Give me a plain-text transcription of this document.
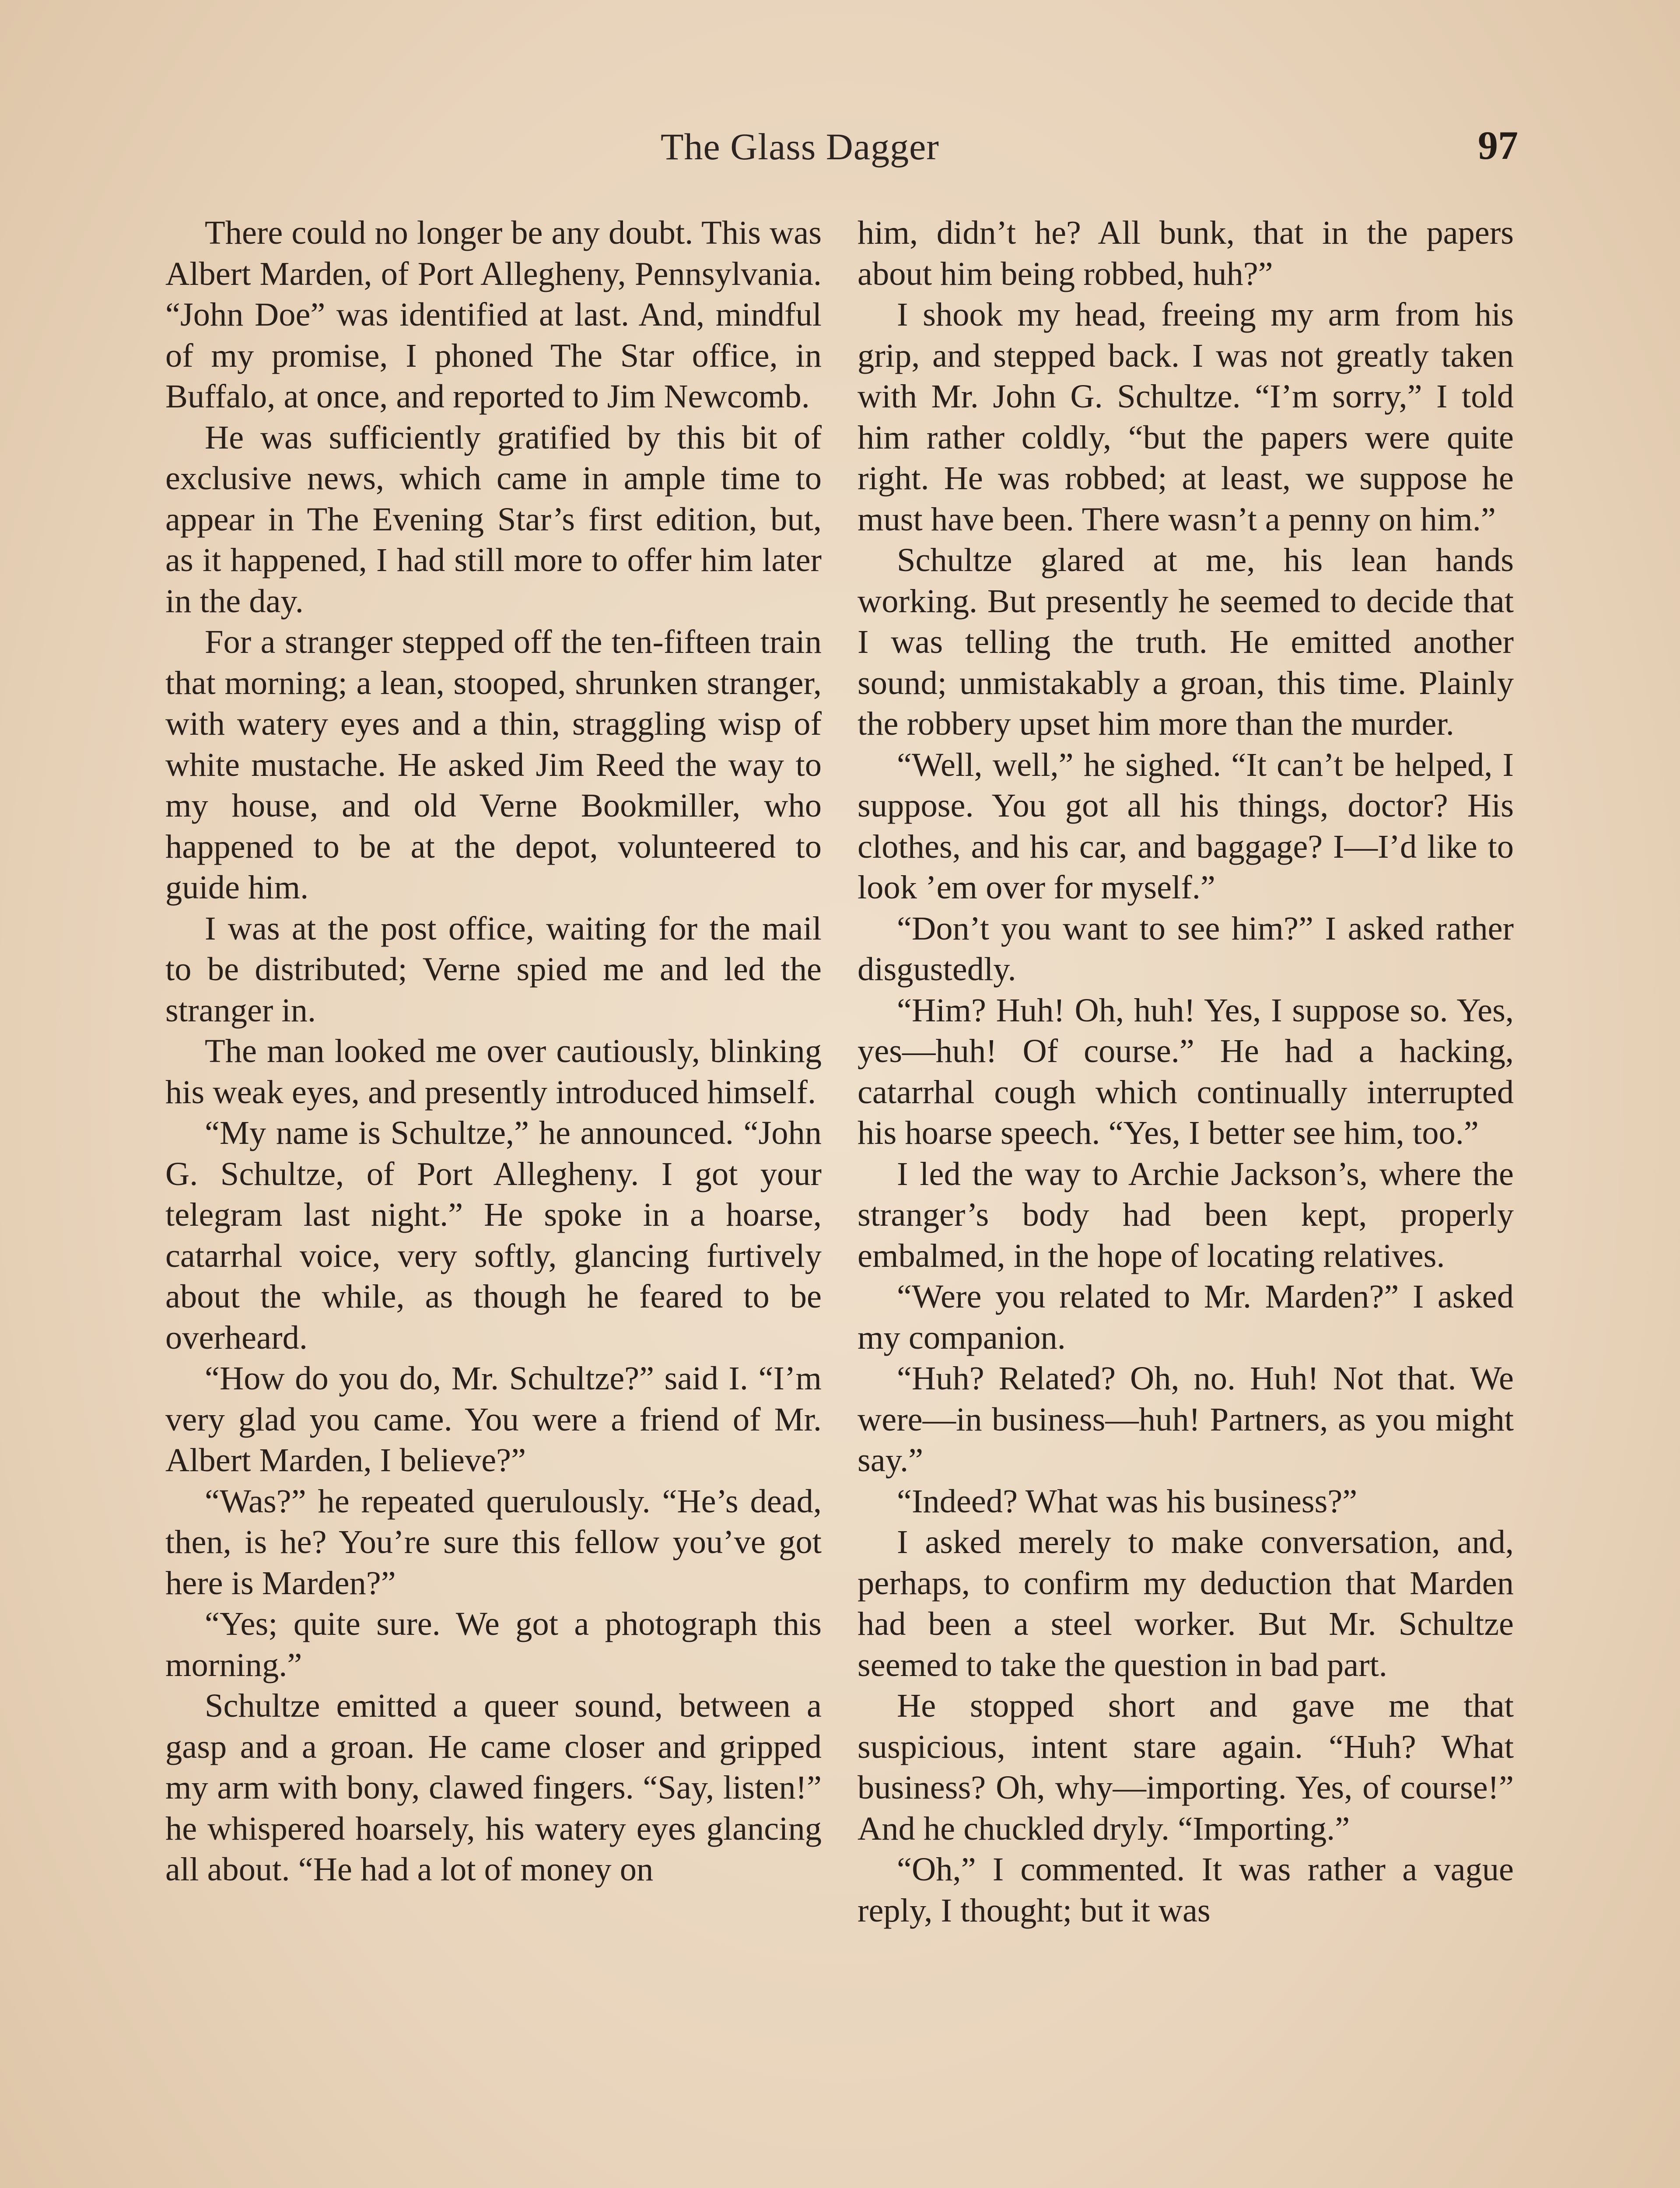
The Glass Dagger	97

There could no longer be any doubt. This was Albert Marden, of Port Allegheny, Pennsylvania. “John Doe” was identified at last. And, mindful of my promise, I phoned The Star office, in Buffalo, at once, and reported to Jim Newcomb.

He was sufficiently gratified by this bit of exclusive news, which came in ample time to appear in The Evening Star’s first edition, but, as it happened, I had still more to offer him later in the day.

For a stranger stepped off the ten-fifteen train that morning; a lean, stooped, shrunken stranger, with watery eyes and a thin, straggling wisp of white mustache. He asked Jim Reed the way to my house, and old Verne Bookmiller, who happened to be at the depot, volunteered to guide him.

I was at the post office, waiting for the mail to be distributed; Verne spied me and led the stranger in.

The man looked me over cautiously, blinking his weak eyes, and presently introduced himself.

“My name is Schultze,” he announced. “John G. Schultze, of Port Allegheny. I got your telegram last night.” He spoke in a hoarse, catarrhal voice, very softly, glancing furtively about the while, as though he feared to be overheard.

“How do you do, Mr. Schultze?” said I. “I’m very glad you came. You were a friend of Mr. Albert Marden, I believe?”

“Was?” he repeated querulously. “He’s dead, then, is he? You’re sure this fellow you’ve got here is Marden?”

“Yes; quite sure. We got a photograph this morning.”

Schultze emitted a queer sound, between a gasp and a groan. He came closer and gripped my arm with bony, clawed fingers. “Say, listen!” he whispered hoarsely, his watery eyes glancing all about. “He had a lot of money on

him, didn’t he? All bunk, that in the papers about him being robbed, huh?”

I shook my head, freeing my arm from his grip, and stepped back. I was not greatly taken with Mr. John G. Schultze. “I’m sorry,” I told him rather coldly, “but the papers were quite right. He was robbed; at least, we suppose he must have been. There wasn’t a penny on him.”

Schultze glared at me, his lean hands working. But presently he seemed to decide that I was telling the truth. He emitted another sound; unmistakably a groan, this time. Plainly the robbery upset him more than the murder.

“Well, well,” he sighed. “It can’t be helped, I suppose. You got all his things, doctor? His clothes, and his car, and baggage? I—I’d like to look ’em over for myself.”

“Don’t you want to see him?” I asked rather disgustedly.

“Him? Huh! Oh, huh! Yes, I suppose so. Yes, yes—huh! Of course.” He had a hacking, catarrhal cough which continually interrupted his hoarse speech. “Yes, I better see him, too.”

I led the way to Archie Jackson’s, where the stranger’s body had been kept, properly embalmed, in the hope of locating relatives.

“Were you related to Mr. Marden?” I asked my companion.

“Huh? Related? Oh, no. Huh! Not that. We were—in business—huh! Partners, as you might say.”

“Indeed? What was his business?”

I asked merely to make conversation, and, perhaps, to confirm my deduction that Marden had been a steel worker. But Mr. Schultze seemed to take the question in bad part.

He stopped short and gave me that suspicious, intent stare again. “Huh? What business? Oh, why—importing. Yes, of course!” And he chuckled dryly. “Importing.”

“Oh,” I commented. It was rather a vague reply, I thought; but it was
